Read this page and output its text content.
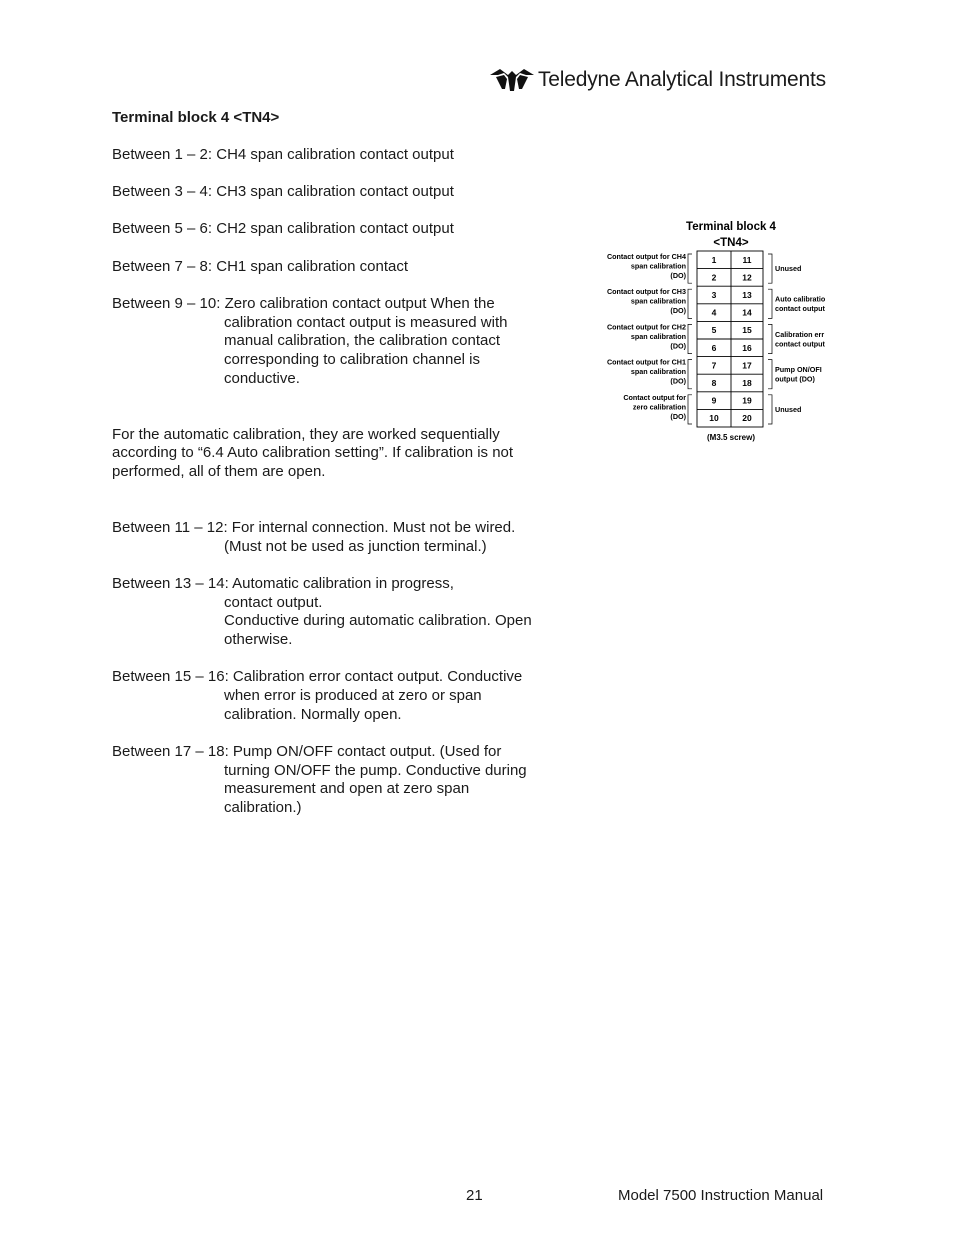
Teledyne Analytical Instruments
Terminal block 4 <TN4>
Between 1 – 2: CH4 span calibration contact output
Between 3 – 4: CH3 span calibration contact output
Between 5 – 6: CH2 span calibration contact output
Between 7 – 8: CH1 span calibration contact
Between 9 – 10: Zero calibration contact output When the
calibration contact output is measured with
manual calibration, the calibration contact
corresponding to calibration channel is
conductive.
For the automatic calibration, they are worked sequentially
according to “6.4 Auto calibration setting”. If calibration is not
performed, all of them are open.
Between 11 – 12: For internal connection. Must not be wired.
(Must not be used as junction terminal.)
Between 13 – 14: Automatic calibration in progress,
contact output.
Conductive during automatic calibration. Open
otherwise.
Between 15 – 16: Calibration error contact output. Conductive
when error is produced at zero or span
calibration. Normally open.
Between 17 – 18: Pump ON/OFF contact output. (Used for
turning ON/OFF the pump. Conductive during
measurement and open at zero span
calibration.)
Terminal block 4
<TN4>
1	11
2	12
3	13
4	14
5	15
6	16
7	17
8	18
9	19
10	20
Contact output for CH4
span calibration
(DO)
Unused
Contact output for CH3
span calibration
(DO)
Auto calibratio
contact output
Contact output for CH2
span calibration
(DO)
Calibration err
contact output
Contact output for CH1
span calibration
(DO)
Pump ON/OFI
output (DO)
Contact output for
zero calibration
(DO)
Unused
(M3.5 screw)
21	Model 7500 Instruction Manual
